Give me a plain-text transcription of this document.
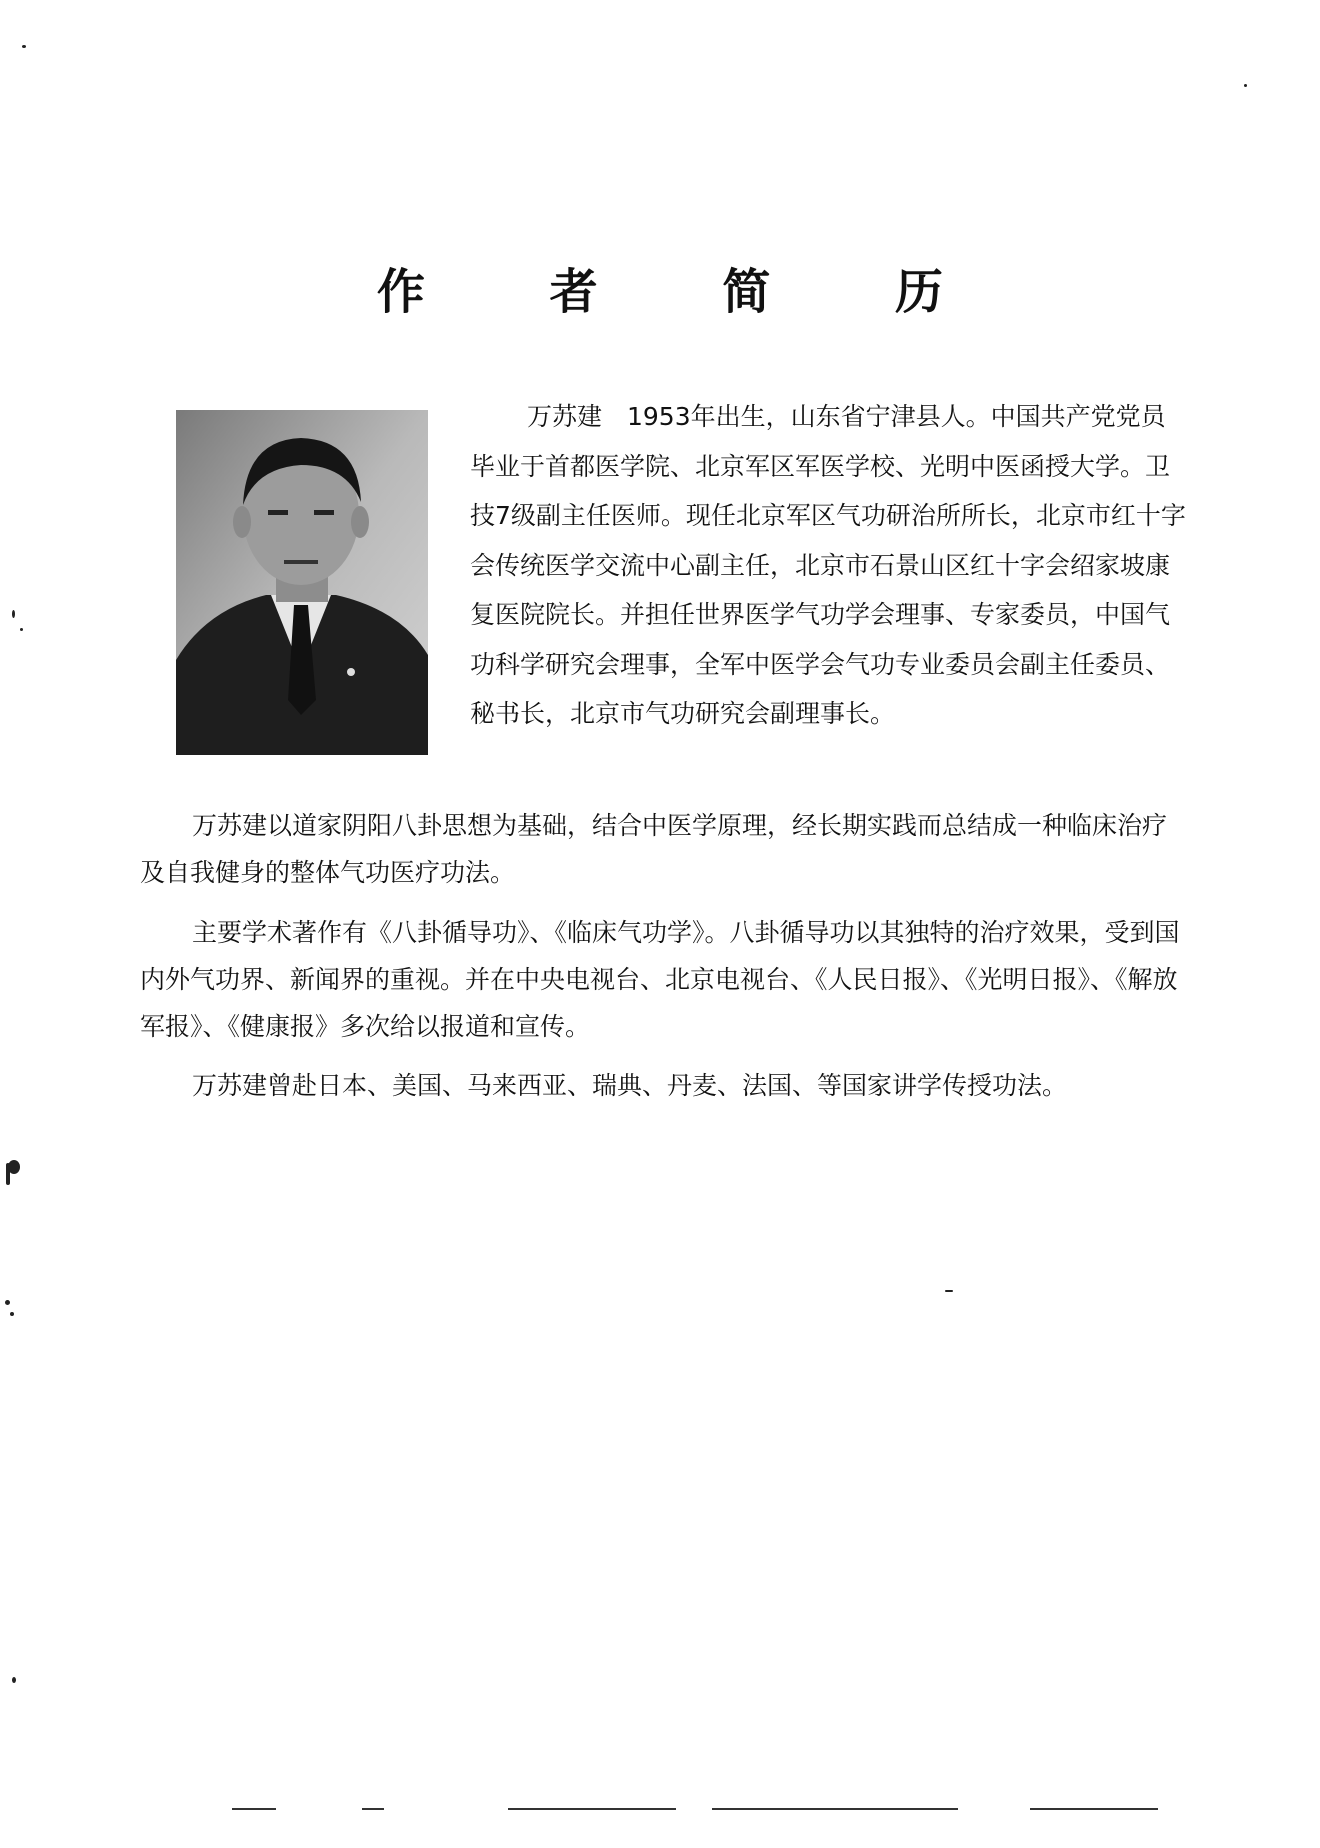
作 者 简 历

万苏建　1953年出生，山东省宁津县人。中国共产党党员　毕业于首都医学院、北京军区军医学校、光明中医函授大学。卫技7级副主任医师。现任北京军区气功研治所所长，北京市红十字会传统医学交流中心副主任，北京市石景山区红十字会绍家坡康复医院院长。并担任世界医学气功学会理事、专家委员，中国气功科学研究会理事，全军中医学会气功专业委员会副主任委员、秘书长，北京市气功研究会副理事长。

万苏建以道家阴阳八卦思想为基础，结合中医学原理，经长期实践而总结成一种临床治疗及自我健身的整体气功医疗功法。

主要学术著作有《八卦循导功》、《临床气功学》。八卦循导功以其独特的治疗效果，受到国内外气功界、新闻界的重视。并在中央电视台、北京电视台、《人民日报》、《光明日报》、《解放军报》、《健康报》多次给以报道和宣传。

万苏建曾赴日本、美国、马来西亚、瑞典、丹麦、法国、等国家讲学传授功法。
